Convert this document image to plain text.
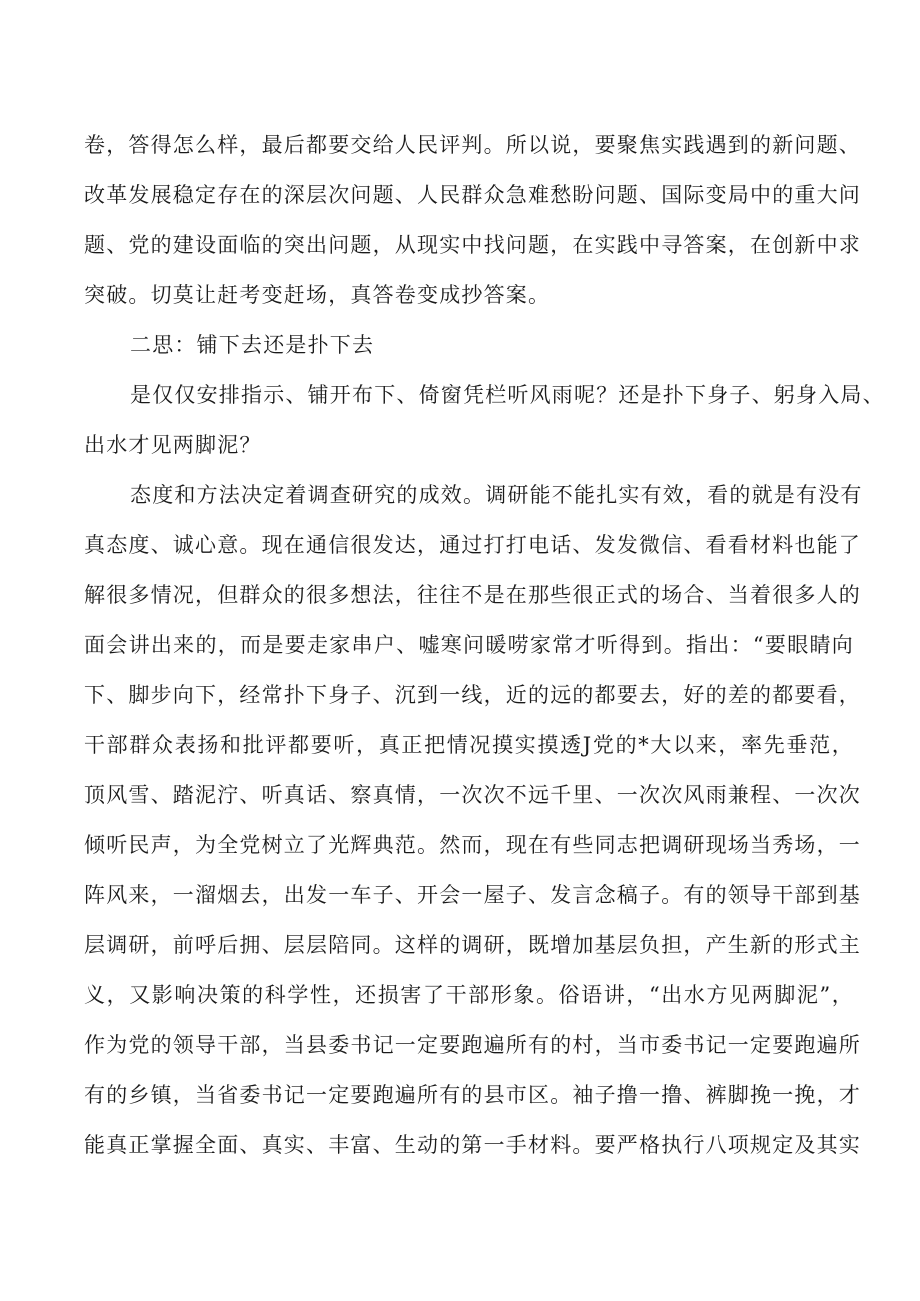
卷，答得怎么样，最后都要交给人民评判。所以说，要聚焦实践遇到的新问题、
改革发展稳定存在的深层次问题、人民群众急难愁盼问题、国际变局中的重大问
题、党的建设面临的突出问题，从现实中找问题，在实践中寻答案，在创新中求
突破。切莫让赶考变赶场，真答卷变成抄答案。
二思：铺下去还是扑下去
是仅仅安排指示、铺开布下、倚窗凭栏听风雨呢？还是扑下身子、躬身入局、
出水才见两脚泥？
态度和方法决定着调查研究的成效。调研能不能扎实有效，看的就是有没有
真态度、诚心意。现在通信很发达，通过打打电话、发发微信、看看材料也能了
解很多情况，但群众的很多想法，往往不是在那些很正式的场合、当着很多人的
面会讲出来的，而是要走家串户、嘘寒问暖唠家常才听得到。指出：“要眼睛向
下、脚步向下，经常扑下身子、沉到一线，近的远的都要去，好的差的都要看，
干部群众表扬和批评都要听，真正把情况摸实摸透J党的*大以来，率先垂范，
顶风雪、踏泥泞、听真话、察真情，一次次不远千里、一次次风雨兼程、一次次
倾听民声，为全党树立了光辉典范。然而，现在有些同志把调研现场当秀场，一
阵风来，一溜烟去，出发一车子、开会一屋子、发言念稿子。有的领导干部到基
层调研，前呼后拥、层层陪同。这样的调研，既增加基层负担，产生新的形式主
义，又影响决策的科学性，还损害了干部形象。俗语讲，“出水方见两脚泥”，
作为党的领导干部，当县委书记一定要跑遍所有的村，当市委书记一定要跑遍所
有的乡镇，当省委书记一定要跑遍所有的县市区。袖子撸一撸、裤脚挽一挽，才
能真正掌握全面、真实、丰富、生动的第一手材料。要严格执行八项规定及其实
